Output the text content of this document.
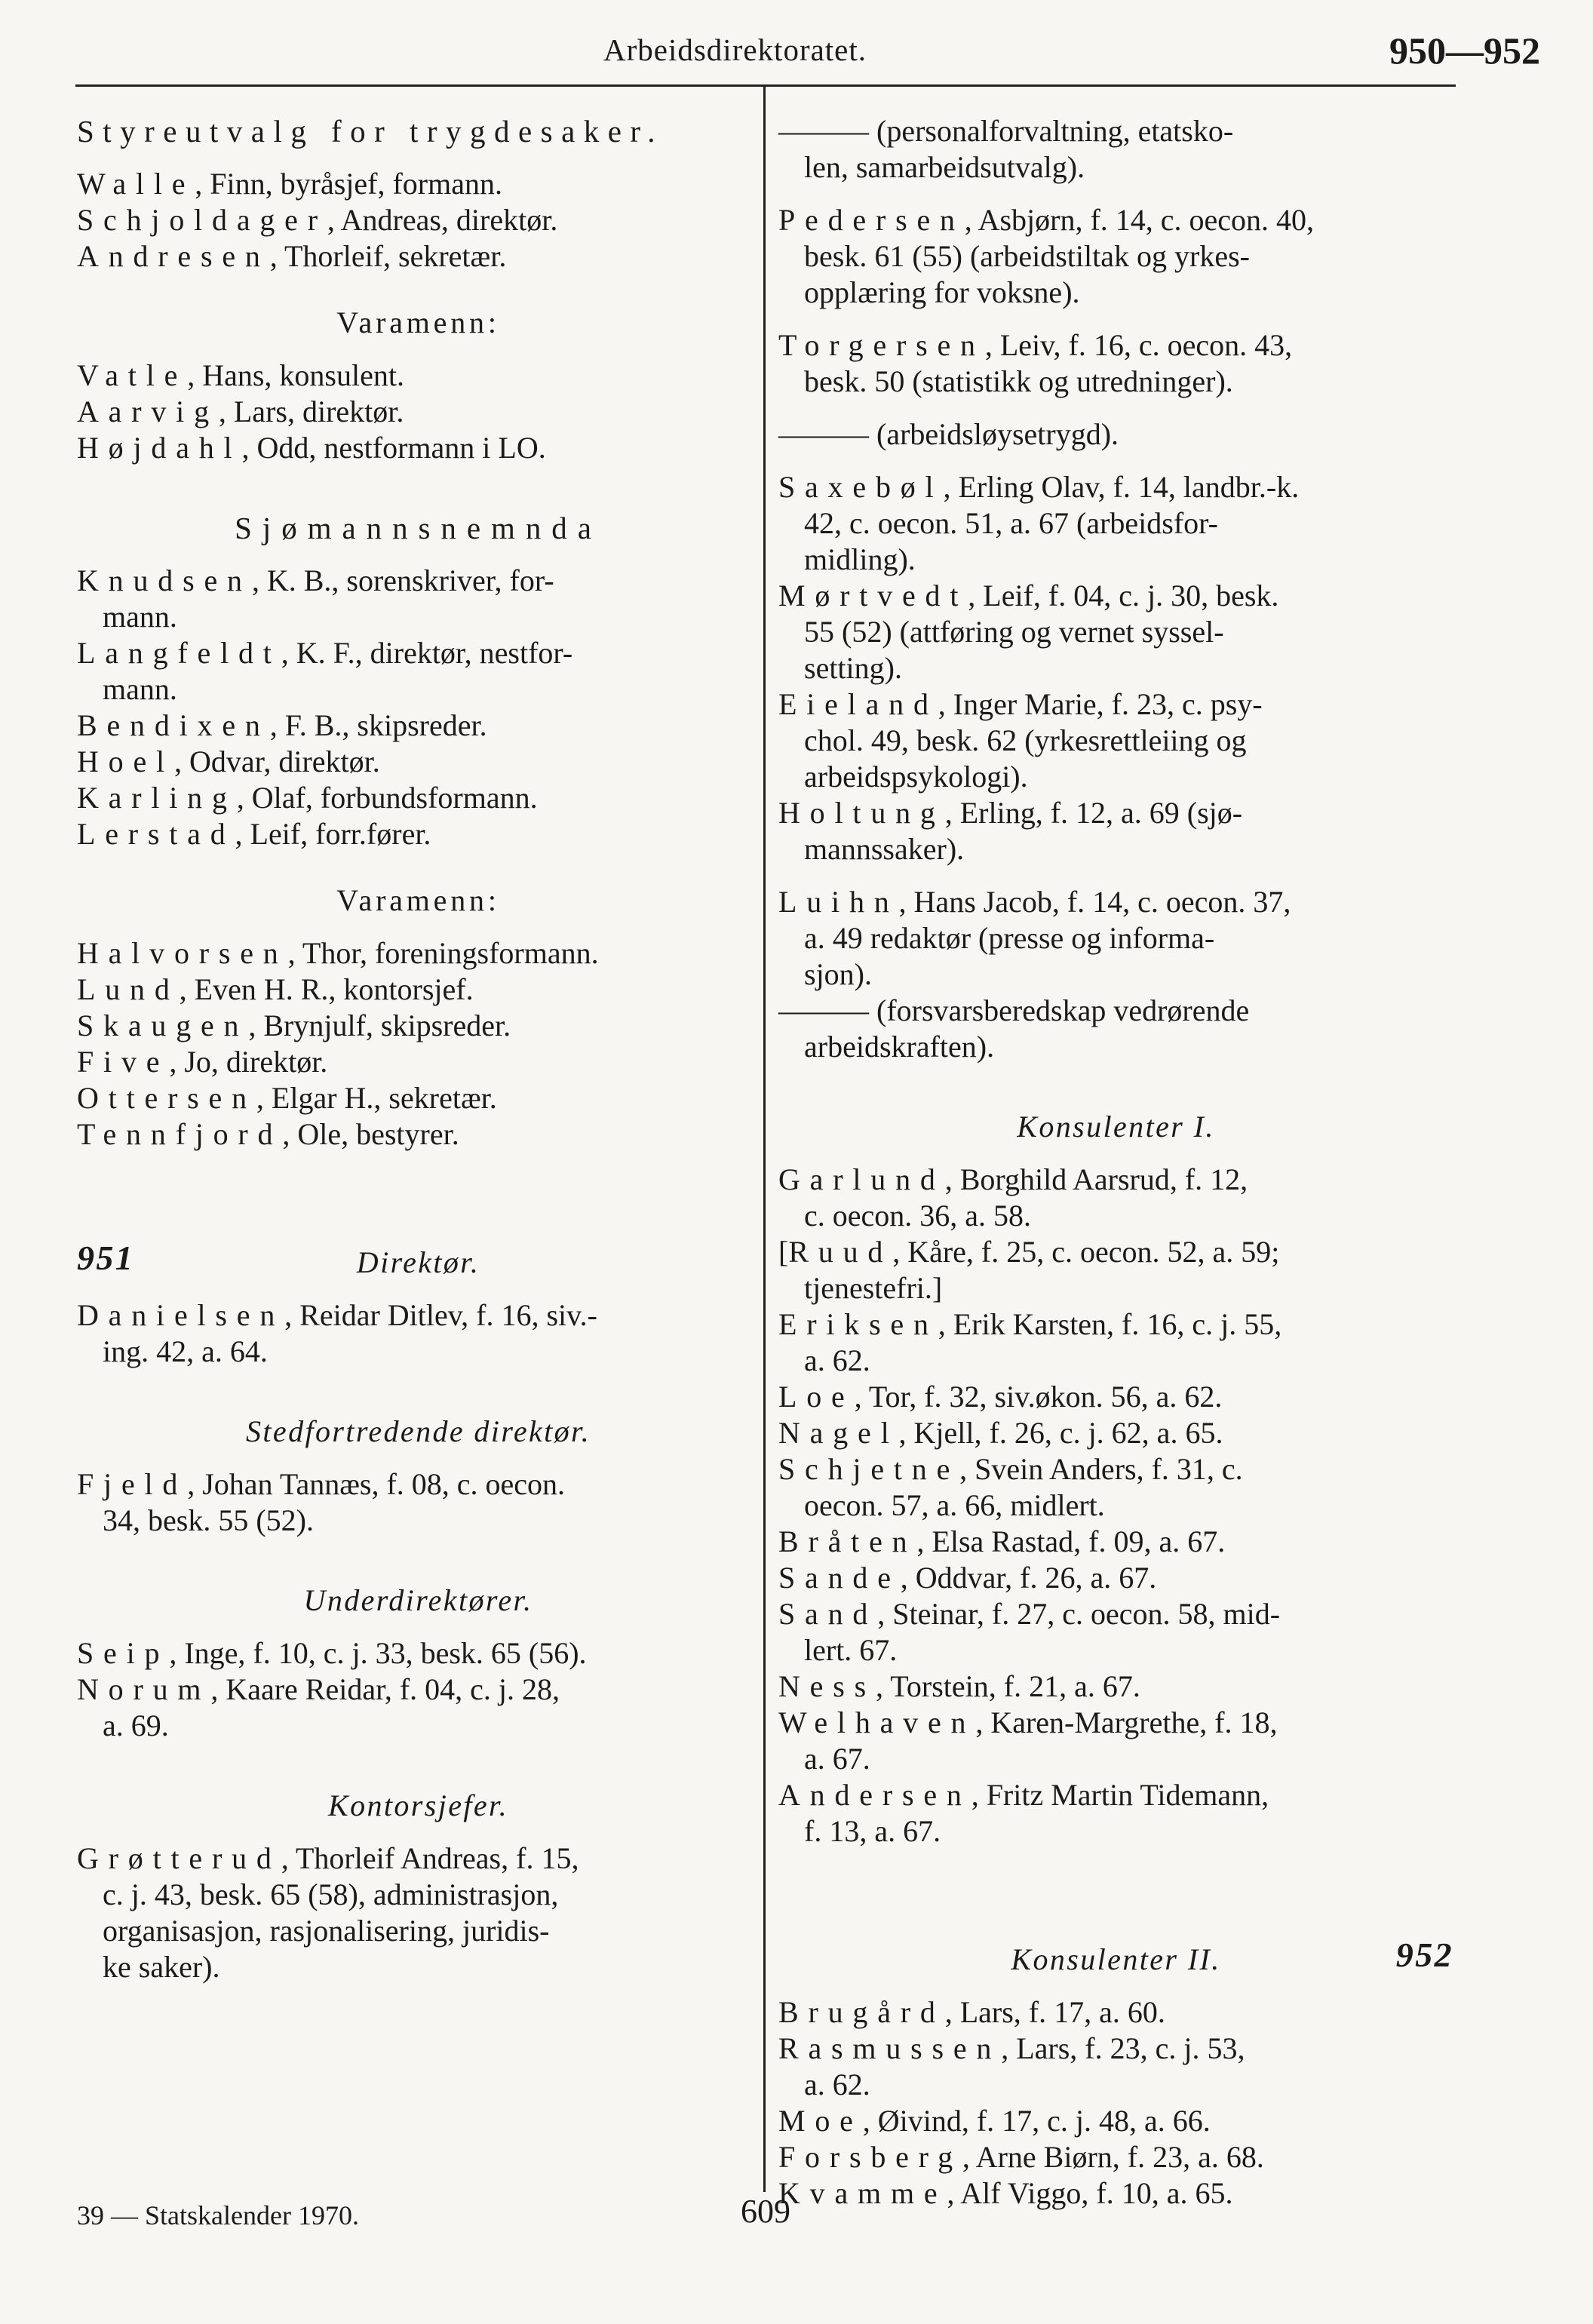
Arbeidsdirektoratet.	950—952
Styreutvalg for trygdesaker.
Walle, Finn, byråsjef, formann.
Schjoldager, Andreas, direktør.
Andresen, Thorleif, sekretær.
Varamenn:
Vatle, Hans, konsulent.
Aarvig, Lars, direktør.
Højdahl, Odd, nestformann i LO.
Sjømannsnemnda
Knudsen, K. B., sorenskriver, for-
mann.
Langfeldt, K. F., direktør, nestfor-
mann.
Bendixen, F. B., skipsreder.
Hoel, Odvar, direktør.
Karling, Olaf, forbundsformann.
Lerstad, Leif, forr.fører.
Varamenn:
Halvorsen, Thor, foreningsformann.
Lund, Even H. R., kontorsjef.
Skaugen, Brynjulf, skipsreder.
Five, Jo, direktør.
Ottersen, Elgar H., sekretær.
Tennfjord, Ole, bestyrer.
951	Direktør.
Danielsen, Reidar Ditlev, f. 16, siv.-
ing. 42, a. 64.
Stedfortredende direktør.
Fjeld, Johan Tannæs, f. 08, c. oecon.
34, besk. 55 (52).
Underdirektører.
Seip, Inge, f. 10, c. j. 33, besk. 65 (56).
Norum, Kaare Reidar, f. 04, c. j. 28,
a. 69.
Kontorsjefer.
Grøtterud, Thorleif Andreas, f. 15,
c. j. 43, besk. 65 (58), administrasjon,
organisasjon, rasjonalisering, juridis-
ke saker).
——— (personalforvaltning, etatsko-
len, samarbeidsutvalg).
Pedersen, Asbjørn, f. 14, c. oecon. 40,
besk. 61 (55) (arbeidstiltak og yrkes-
opplæring for voksne).
Torgersen, Leiv, f. 16, c. oecon. 43,
besk. 50 (statistikk og utredninger).
——— (arbeidsløysetrygd).
Saxebøl, Erling Olav, f. 14, landbr.-k.
42, c. oecon. 51, a. 67 (arbeidsfor-
midling).
Mørtvedt, Leif, f. 04, c. j. 30, besk.
55 (52) (attføring og vernet syssel-
setting).
Eieland, Inger Marie, f. 23, c. psy-
chol. 49, besk. 62 (yrkesrettleiing og
arbeidspsykologi).
Holtung, Erling, f. 12, a. 69 (sjø-
mannssaker).
Luihn, Hans Jacob, f. 14, c. oecon. 37,
a. 49 redaktør (presse og informa-
sjon).
——— (forsvarsberedskap vedrørende
arbeidskraften).
Konsulenter I.
Garlund, Borghild Aarsrud, f. 12,
c. oecon. 36, a. 58.
[Ruud, Kåre, f. 25, c. oecon. 52, a. 59;
tjenestefri.]
Eriksen, Erik Karsten, f. 16, c. j. 55,
a. 62.
Loe, Tor, f. 32, siv.økon. 56, a. 62.
Nagel, Kjell, f. 26, c. j. 62, a. 65.
Schjetne, Svein Anders, f. 31, c.
oecon. 57, a. 66, midlert.
Bråten, Elsa Rastad, f. 09, a. 67.
Sande, Oddvar, f. 26, a. 67.
Sand, Steinar, f. 27, c. oecon. 58, mid-
lert. 67.
Ness, Torstein, f. 21, a. 67.
Welhaven, Karen-Margrethe, f. 18,
a. 67.
Andersen, Fritz Martin Tidemann,
f. 13, a. 67.
Konsulenter II.	952
Brugård, Lars, f. 17, a. 60.
Rasmussen, Lars, f. 23, c. j. 53,
a. 62.
Moe, Øivind, f. 17, c. j. 48, a. 66.
Forsberg, Arne Biørn, f. 23, a. 68.
Kvamme, Alf Viggo, f. 10, a. 65.
39 — Statskalender 1970.	609
